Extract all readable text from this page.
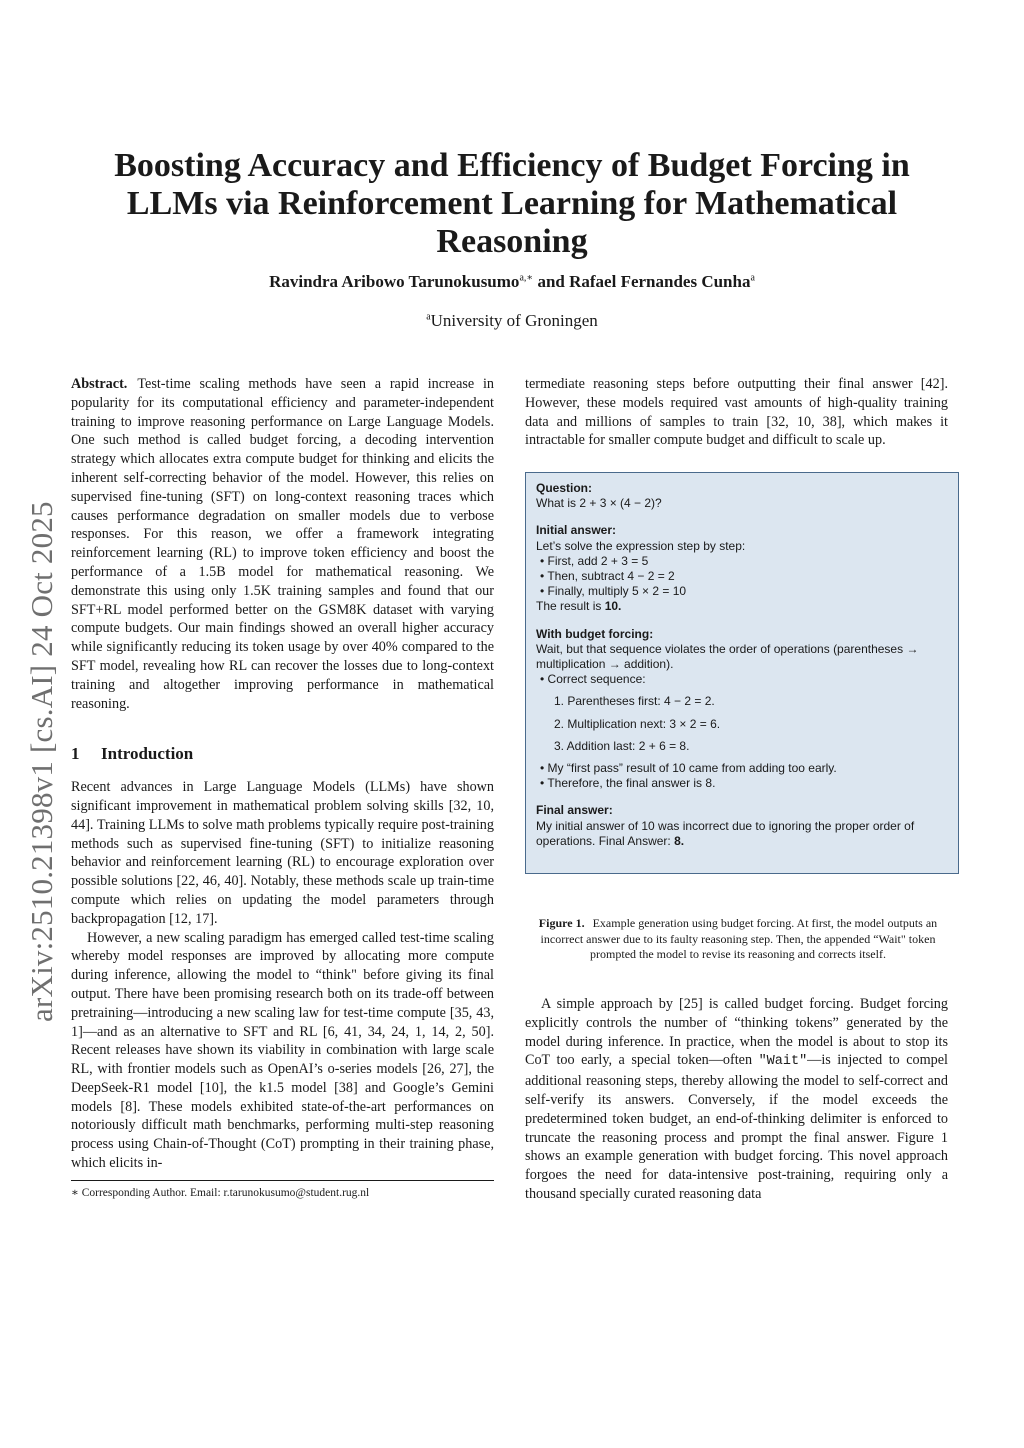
arXiv:2510.21398v1 [cs.AI] 24 Oct 2025
Boosting Accuracy and Efficiency of Budget Forcing in LLMs via Reinforcement Learning for Mathematical Reasoning
Ravindra Aribowo Tarunokusumo$^{a,∗}$ and Rafael Fernandes Cunha$^a$
$^a$University of Groningen

Abstract. Test-time scaling methods have seen a rapid increase in popularity for its computational efficiency and parameter-independent training to improve reasoning performance on Large Language Models. One such method is called budget forcing, a decoding intervention strategy which allocates extra compute budget for thinking and elicits the inherent self-correcting behavior of the model. However, this relies on supervised fine-tuning (SFT) on long-context reasoning traces which causes performance degradation on smaller models due to verbose responses. For this reason, we offer a framework integrating reinforcement learning (RL) to improve token efficiency and boost the performance of a 1.5B model for mathematical reasoning. We demonstrate this using only 1.5K training samples and found that our SFT+RL model performed better on the GSM8K dataset with varying compute budgets. Our main findings showed an overall higher accuracy while significantly reducing its token usage by over 40% compared to the SFT model, revealing how RL can recover the losses due to long-context training and altogether improving performance in mathematical reasoning.

1 Introduction

Recent advances in Large Language Models (LLMs) have shown significant improvement in mathematical problem solving skills [32, 10, 44]. Training LLMs to solve math problems typically require post-training methods such as supervised fine-tuning (SFT) to initialize reasoning behavior and reinforcement learning (RL) to encourage exploration over possible solutions [22, 46, 40]. Notably, these methods scale up train-time compute which relies on updating the model parameters through backpropagation [12, 17].

However, a new scaling paradigm has emerged called test-time scaling whereby model responses are improved by allocating more compute during inference, allowing the model to “think" before giving its final output. There have been promising research both on its trade-off between pretraining—introducing a new scaling law for test-time compute [35, 43, 1]—and as an alternative to SFT and RL [6, 41, 34, 24, 1, 14, 2, 50]. Recent releases have shown its viability in combination with large scale RL, with frontier models such as OpenAI’s o-series models [26, 27], the DeepSeek-R1 model [10], the k1.5 model [38] and Google’s Gemini models [8]. These models exhibited state-of-the-art performances on notoriously difficult math benchmarks, performing multi-step reasoning process using Chain-of-Thought (CoT) prompting in their training phase, which elicits in-

∗ Corresponding Author. Email: r.tarunokusumo@student.rug.nl

termediate reasoning steps before outputting their final answer [42]. However, these models required vast amounts of high-quality training data and millions of samples to train [32, 10, 38], which makes it intractable for smaller compute budget and difficult to scale up.

Question:

What is 2 + 3 × (4 − 2)?

Initial answer:

Let’s solve the expression step by step:

• First, add 2 + 3 = 5

• Then, subtract 4 − 2 = 2

• Finally, multiply 5 × 2 = 10

The result is 10.

With budget forcing:

Wait, but that sequence violates the order of operations (parentheses → multiplication → addition).

• Correct sequence:

1. Parentheses first: 4 − 2 = 2.

2. Multiplication next: 3 × 2 = 6.

3. Addition last: 2 + 6 = 8.

• My “first pass” result of 10 came from adding too early.

• Therefore, the final answer is 8.

Final answer:

My initial answer of 10 was incorrect due to ignoring the proper order of operations. Final Answer: 8.

Figure 1. Example generation using budget forcing. At first, the model outputs an incorrect answer due to its faulty reasoning step. Then, the appended “Wait" token prompted the model to revise its reasoning and corrects itself.

A simple approach by [25] is called budget forcing. Budget forcing explicitly controls the number of “thinking tokens” generated by the model during inference. In practice, when the model is about to stop its CoT too early, a special token—often "Wait"—is injected to compel additional reasoning steps, thereby allowing the model to self-correct and self-verify its answers. Conversely, if the model exceeds the predetermined token budget, an end-of-thinking delimiter is enforced to truncate the reasoning process and prompt the final answer. Figure 1 shows an example generation with budget forcing. This novel approach forgoes the need for data-intensive post-training, requiring only a thousand specially curated reasoning data
